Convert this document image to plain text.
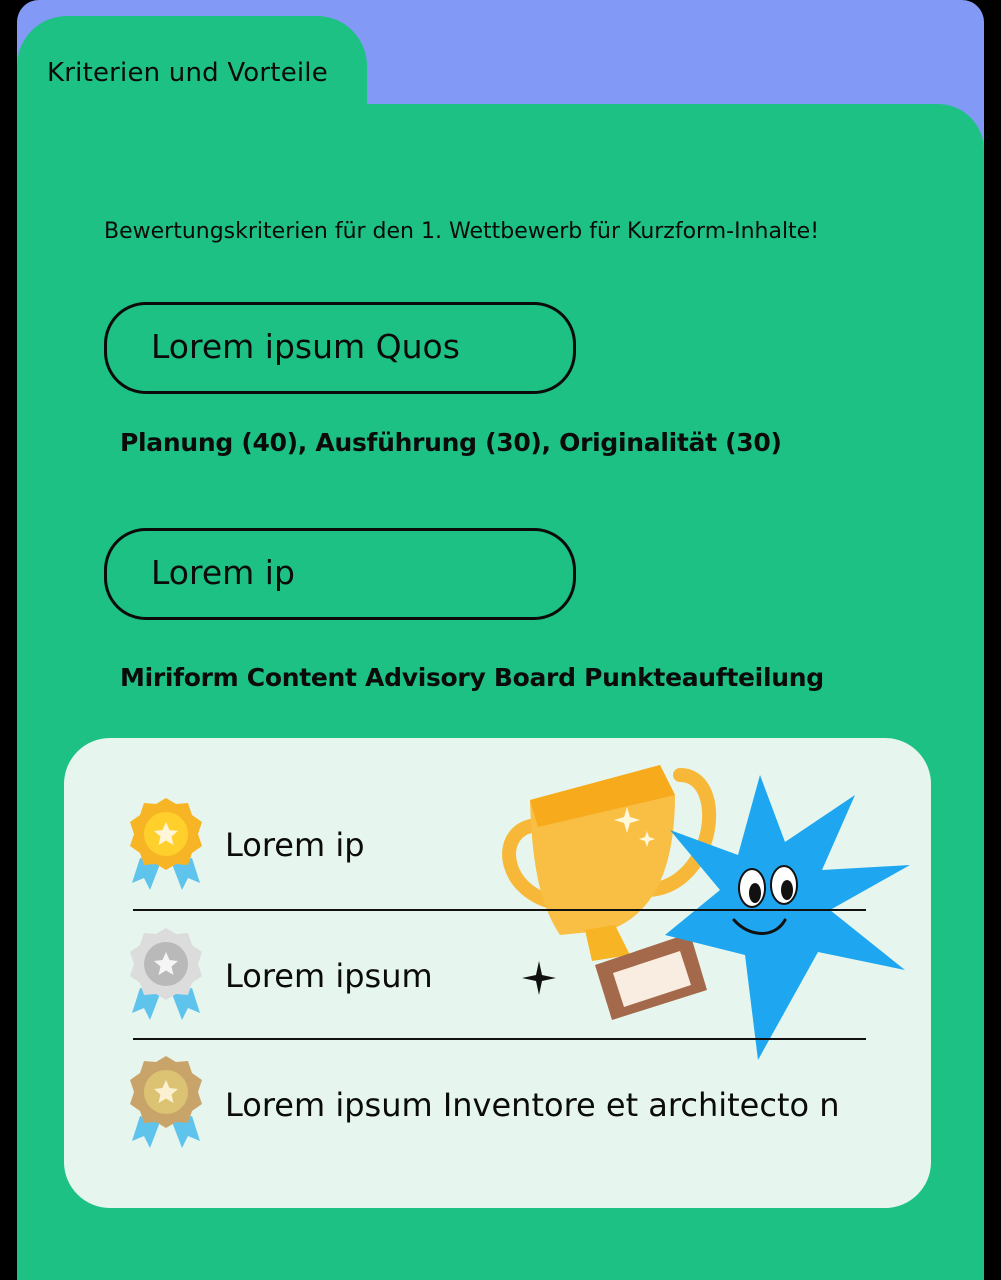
Kriterien und Vorteile
Bewertungskriterien für den 1. Wettbewerb für Kurzform-Inhalte!
Lorem ipsum Quos
Planung (40), Ausführung (30), Originalität (30)
Lorem ip
Miriform Content Advisory Board Punkteaufteilung
Lorem ip
Lorem ipsum
Lorem ipsum Inventore et architecto n
